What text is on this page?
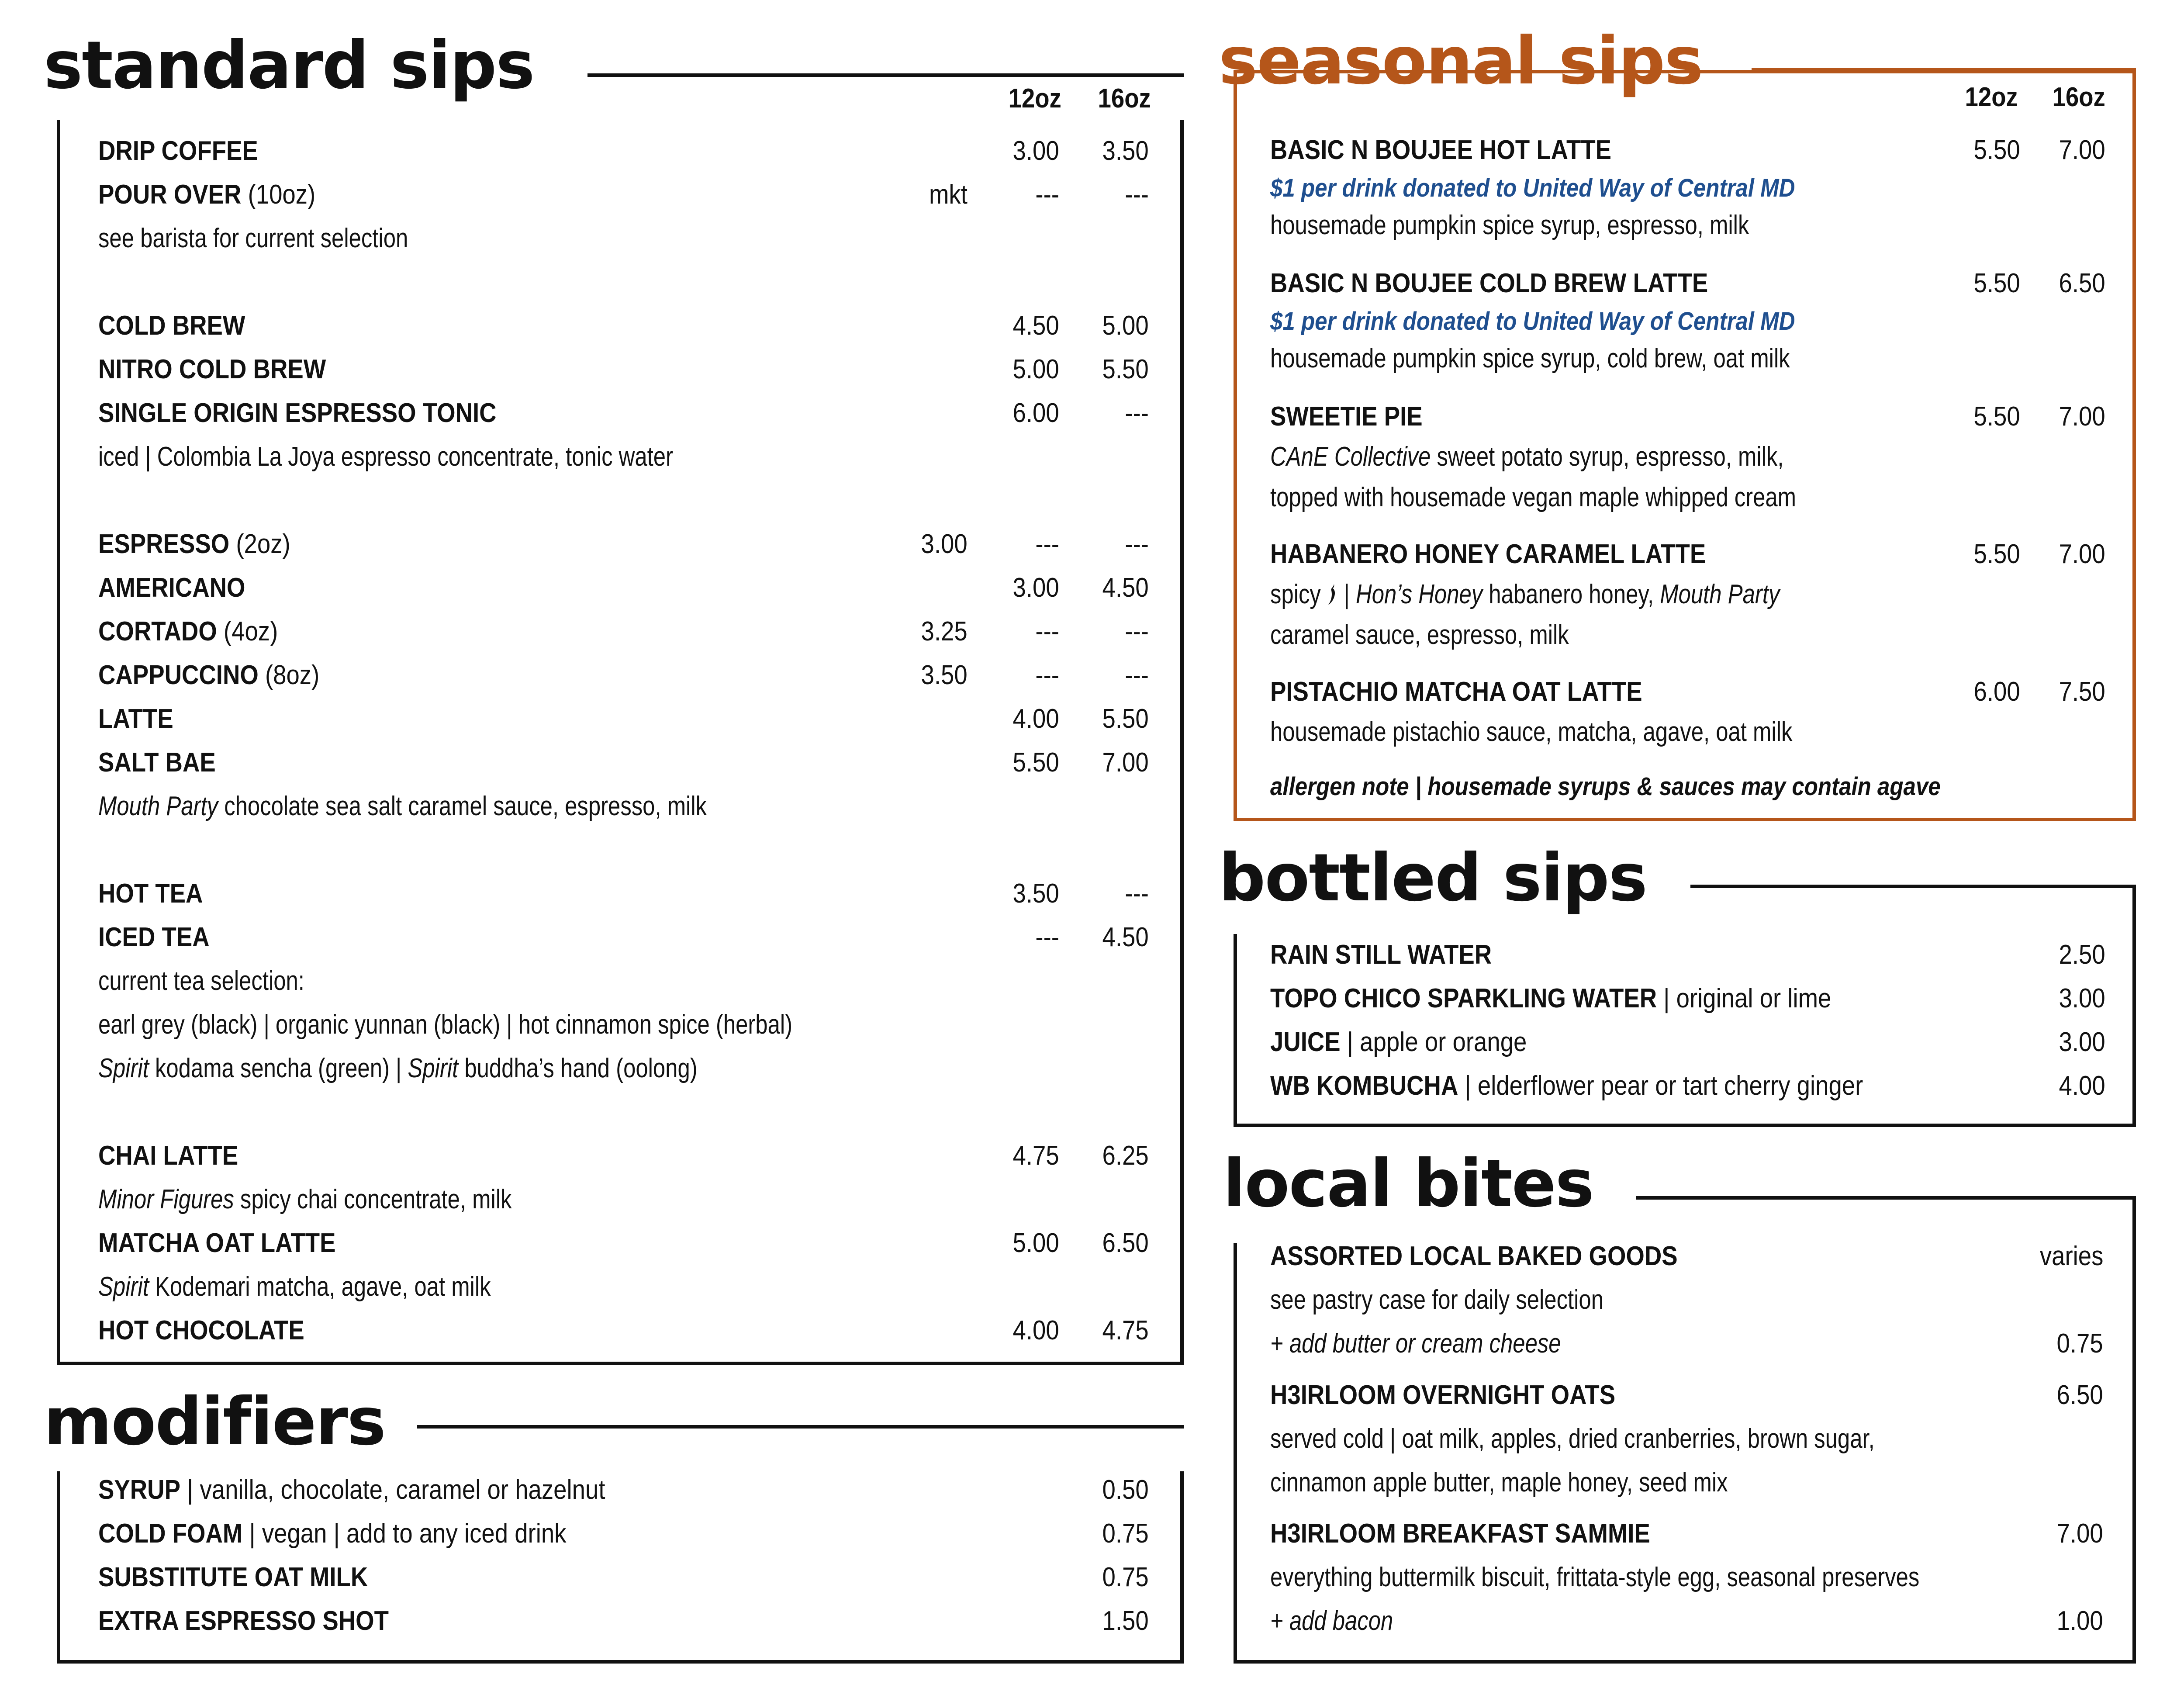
standard sips	12oz 16oz
DRIP COFFEE	3.00 3.50
POUR OVER (10oz)	mkt	--- ---
see barista for current selection
COLD BREW	4.50 5.00
NITRO COLD BREW	5.00 5.50
SINGLE ORIGIN ESPRESSO TONIC	6.00 ---
iced | Colombia La Joya espresso concentrate, tonic water
ESPRESSO (2oz)	3.00	--- ---
AMERICANO	3.00 4.50
CORTADO (4oz)	3.25	--- ---
CAPPUCCINO (8oz)	3.50	--- ---
LATTE	4.00 5.50
SALT BAE	5.50 7.00
Mouth Party chocolate sea salt caramel sauce, espresso, milk
HOT TEA	3.50 ---
ICED TEA	--- 4.50
current tea selection:
earl grey (black) | organic yunnan (black) | hot cinnamon spice (herbal)
Spirit kodama sencha (green) | Spirit buddha’s hand (oolong)
CHAI LATTE	4.75 6.25
Minor Figures spicy chai concentrate, milk
MATCHA OAT LATTE	5.00 6.50
Spirit Kodemari matcha, agave, oat milk
HOT CHOCOLATE	4.00 4.75
modifiers
SYRUP | vanilla, chocolate, caramel or hazelnut	0.50
COLD FOAM | vegan | add to any iced drink	0.75
SUBSTITUTE OAT MILK	0.75
EXTRA ESPRESSO SHOT	1.50
seasonal sips	12oz 16oz
BASIC N BOUJEE HOT LATTE	5.50 7.00
$1 per drink donated to United Way of Central MD
housemade pumpkin spice syrup, espresso, milk
BASIC N BOUJEE COLD BREW LATTE	5.50 6.50
$1 per drink donated to United Way of Central MD
housemade pumpkin spice syrup, cold brew, oat milk
SWEETIE PIE	5.50 7.00
CAnE Collective sweet potato syrup, espresso, milk,
topped with housemade vegan maple whipped cream
HABANERO HONEY CARAMEL LATTE	5.50 7.00
spicy  | Hon’s Honey habanero honey, Mouth Party
caramel sauce, espresso, milk
PISTACHIO MATCHA OAT LATTE	6.00 7.50
housemade pistachio sauce, matcha, agave, oat milk
allergen note | housemade syrups & sauces may contain agave
bottled sips
RAIN STILL WATER	2.50
TOPO CHICO SPARKLING WATER | original or lime	3.00
JUICE | apple or orange	3.00
WB KOMBUCHA | elderflower pear or tart cherry ginger	4.00
local bites
ASSORTED LOCAL BAKED GOODS	varies
see pastry case for daily selection
+ add butter or cream cheese	0.75
H3IRLOOM OVERNIGHT OATS	6.50
served cold | oat milk, apples, dried cranberries, brown sugar,
cinnamon apple butter, maple honey, seed mix
H3IRLOOM BREAKFAST SAMMIE	7.00
everything buttermilk biscuit, frittata-style egg, seasonal preserves
+ add bacon	1.00
